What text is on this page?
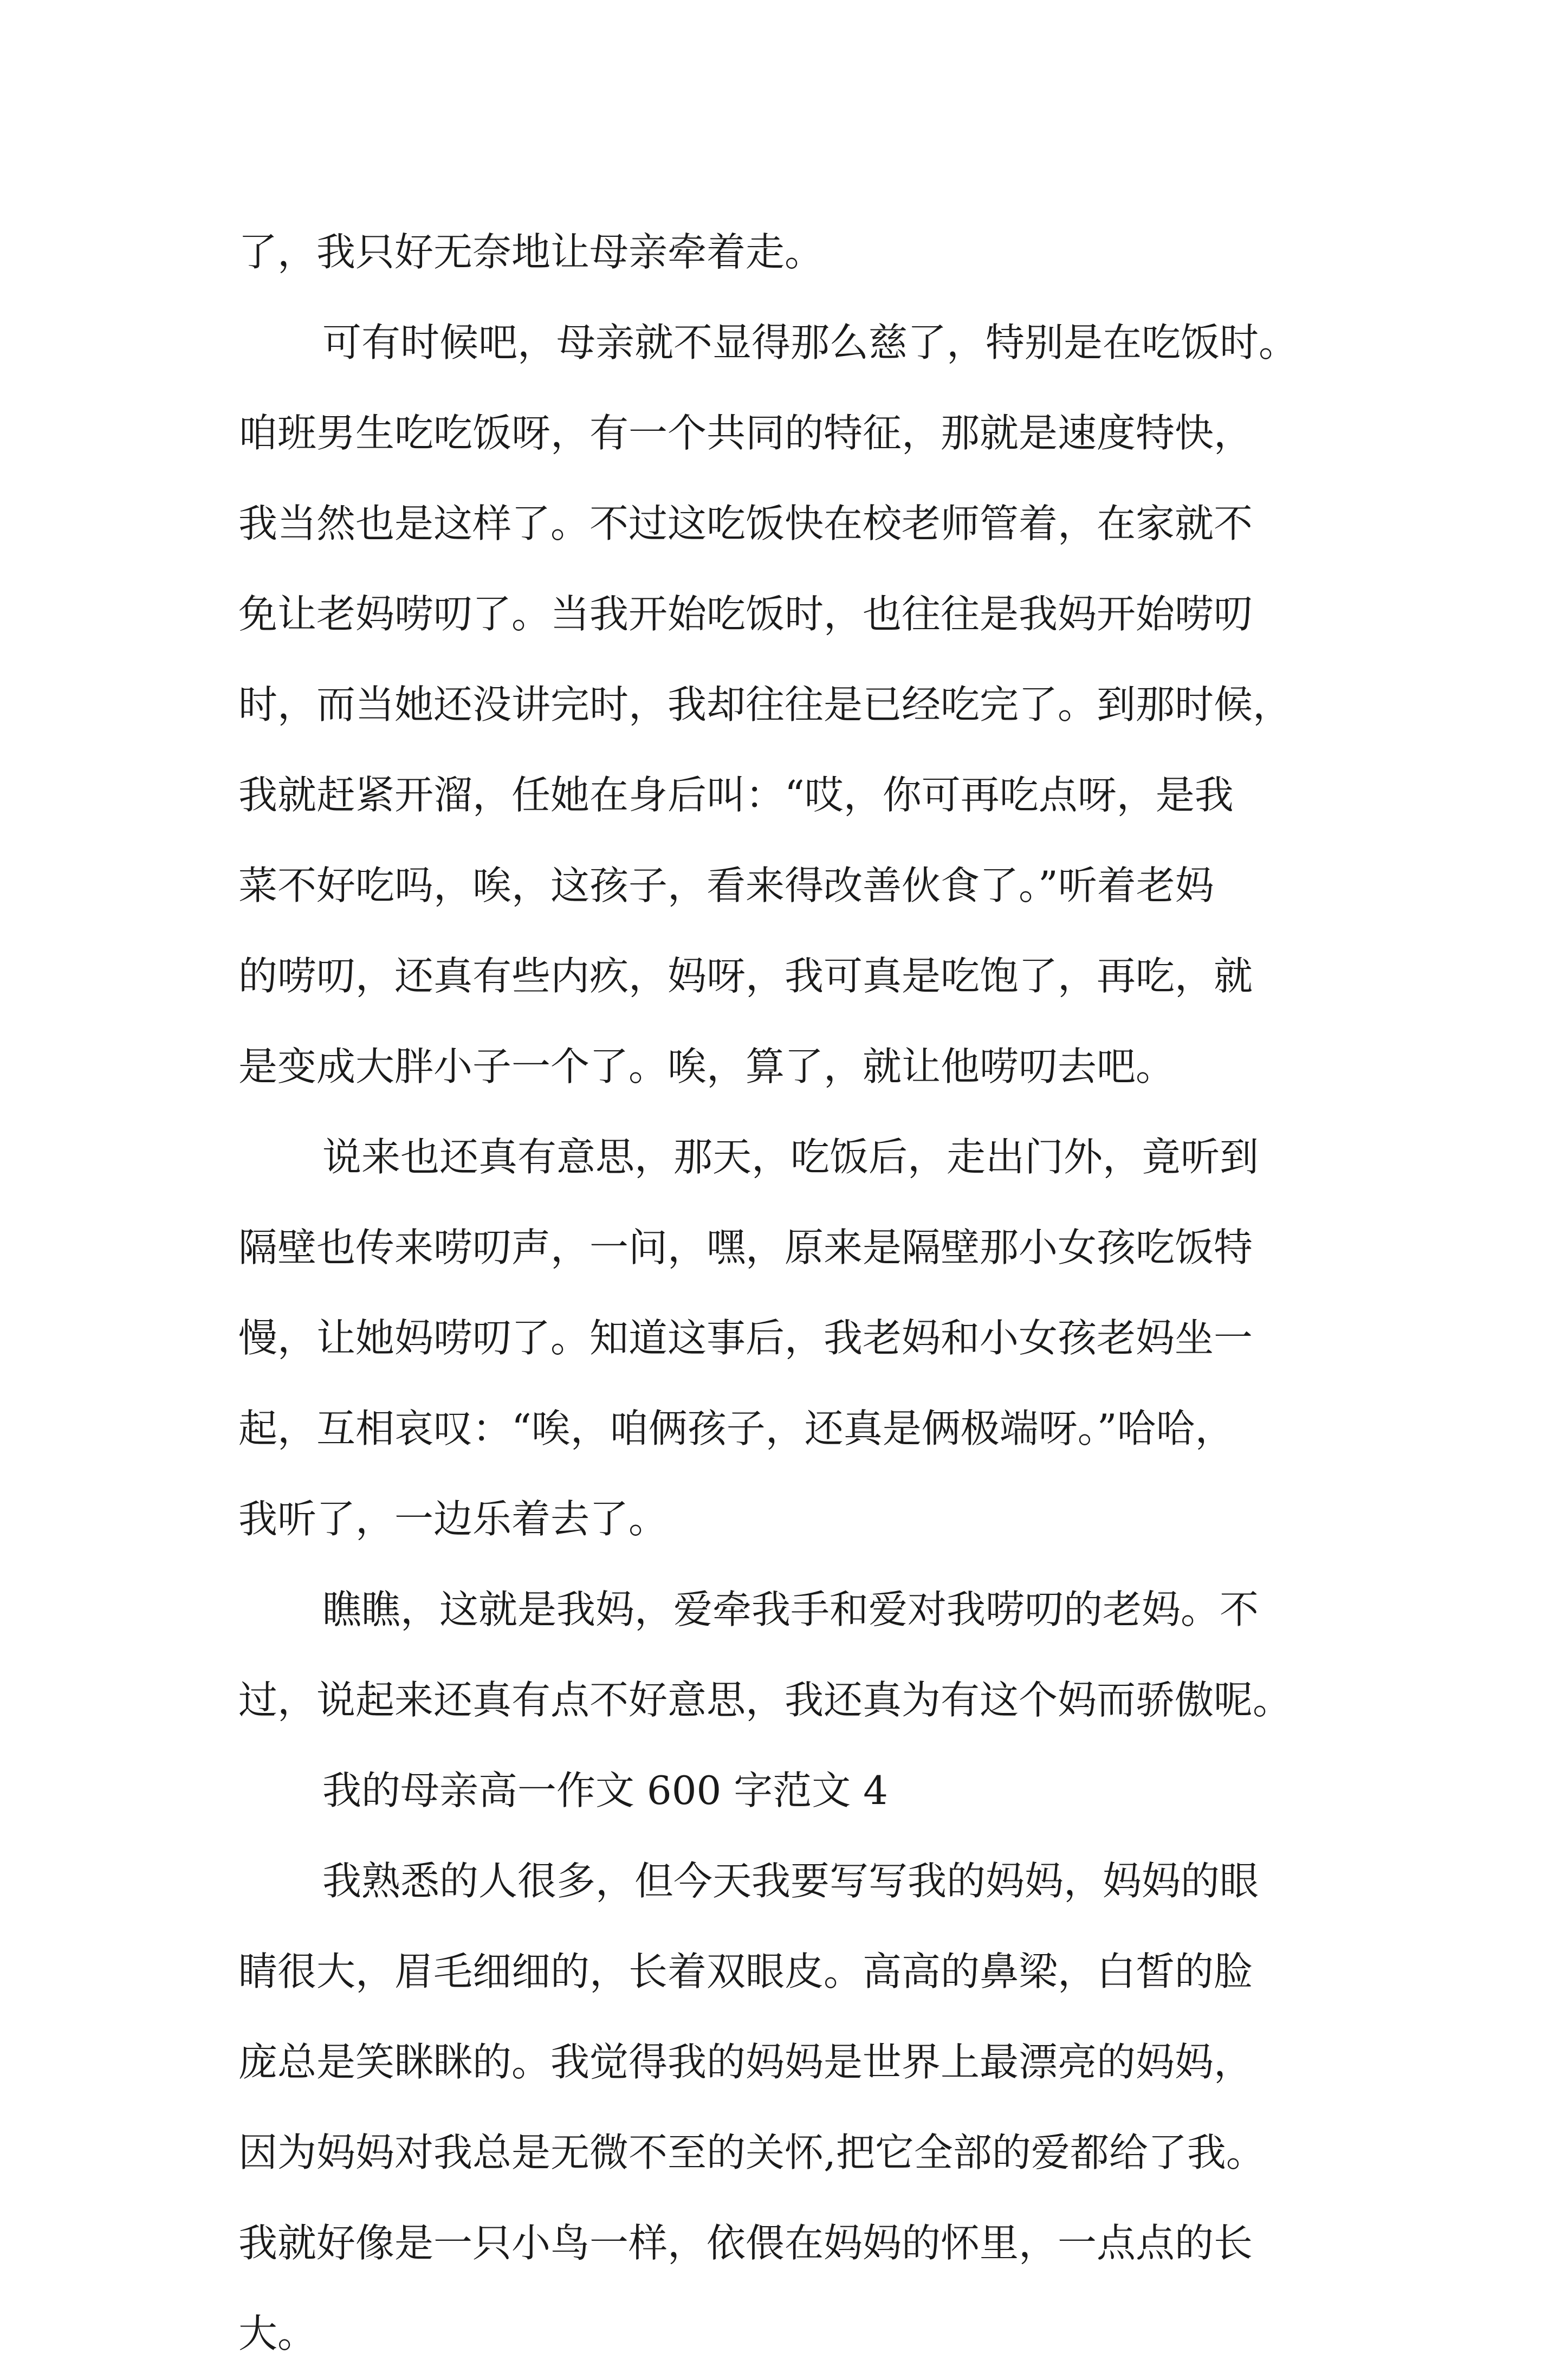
了，我只好无奈地让母亲牵着走。
可有时候吧，母亲就不显得那么慈了，特别是在吃饭时。
咱班男生吃吃饭呀，有一个共同的特征，那就是速度特快，
我当然也是这样了。不过这吃饭快在校老师管着，在家就不
免让老妈唠叨了。当我开始吃饭时，也往往是我妈开始唠叨
时，而当她还没讲完时，我却往往是已经吃完了。到那时候，
我就赶紧开溜，任她在身后叫：“哎，你可再吃点呀，是我
菜不好吃吗，唉，这孩子，看来得改善伙食了。”听着老妈
的唠叨，还真有些内疚，妈呀，我可真是吃饱了，再吃，就
是变成大胖小子一个了。唉，算了，就让他唠叨去吧。
说来也还真有意思，那天，吃饭后，走出门外，竟听到
隔壁也传来唠叨声，一问，嘿，原来是隔壁那小女孩吃饭特
慢，让她妈唠叨了。知道这事后，我老妈和小女孩老妈坐一
起，互相哀叹：“唉，咱俩孩子，还真是俩极端呀。”哈哈，
我听了，一边乐着去了。
瞧瞧，这就是我妈，爱牵我手和爱对我唠叨的老妈。不
过，说起来还真有点不好意思，我还真为有这个妈而骄傲呢。
我的母亲高一作文 600 字范文 4
我熟悉的人很多，但今天我要写写我的妈妈，妈妈的眼
睛很大，眉毛细细的，长着双眼皮。高高的鼻梁，白皙的脸
庞总是笑眯眯的。我觉得我的妈妈是世界上最漂亮的妈妈，
因为妈妈对我总是无微不至的关怀,把它全部的爱都给了我。
我就好像是一只小鸟一样，依偎在妈妈的怀里，一点点的长
大。
